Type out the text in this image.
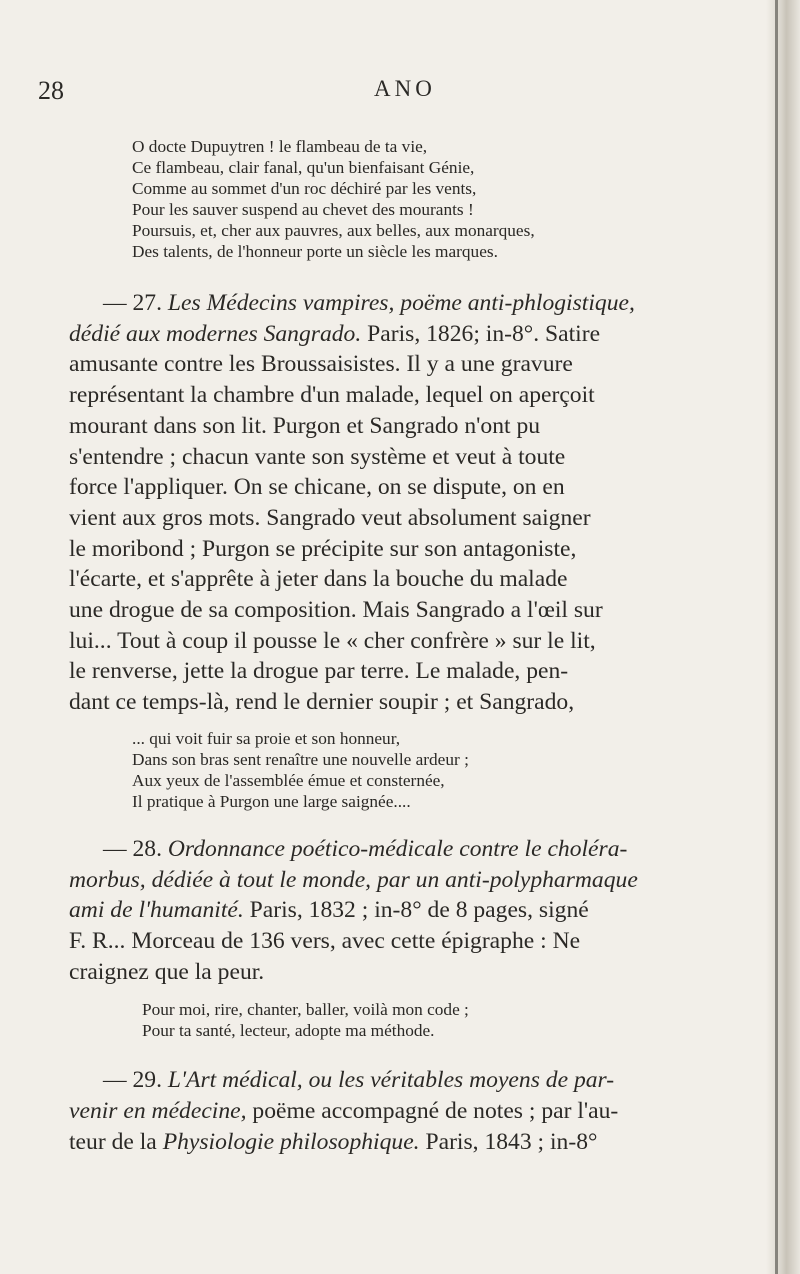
28	ANO
O docte Dupuytren ! le flambeau de ta vie,
Ce flambeau, clair fanal, qu'un bienfaisant Génie,
Comme au sommet d'un roc déchiré par les vents,
Pour les sauver suspend au chevet des mourants !
Poursuis, et, cher aux pauvres, aux belles, aux monarques,
Des talents, de l'honneur porte un siècle les marques.
— 27. Les Médecins vampires, poëme anti-phlogistique,
dédié aux modernes Sangrado. Paris, 1826; in-8°. Satire
amusante contre les Broussaisistes. Il y a une gravure
représentant la chambre d'un malade, lequel on aperçoit
mourant dans son lit. Purgon et Sangrado n'ont pu
s'entendre ; chacun vante son système et veut à toute
force l'appliquer. On se chicane, on se dispute, on en
vient aux gros mots. Sangrado veut absolument saigner
le moribond ; Purgon se précipite sur son antagoniste,
l'écarte, et s'apprête à jeter dans la bouche du malade
une drogue de sa composition. Mais Sangrado a l'œil sur
lui... Tout à coup il pousse le « cher confrère » sur le lit,
le renverse, jette la drogue par terre. Le malade, pen-
dant ce temps-là, rend le dernier soupir ; et Sangrado,
... qui voit fuir sa proie et son honneur,
Dans son bras sent renaître une nouvelle ardeur ;
Aux yeux de l'assemblée émue et consternée,
Il pratique à Purgon une large saignée....
— 28. Ordonnance poético-médicale contre le choléra-
morbus, dédiée à tout le monde, par un anti-polypharmaque
ami de l'humanité. Paris, 1832 ; in-8° de 8 pages, signé
F. R... Morceau de 136 vers, avec cette épigraphe : Ne
craignez que la peur.
Pour moi, rire, chanter, baller, voilà mon code ;
Pour ta santé, lecteur, adopte ma méthode.
— 29. L'Art médical, ou les véritables moyens de par-
venir en médecine, poëme accompagné de notes ; par l'au-
teur de la Physiologie philosophique. Paris, 1843 ; in-8°
